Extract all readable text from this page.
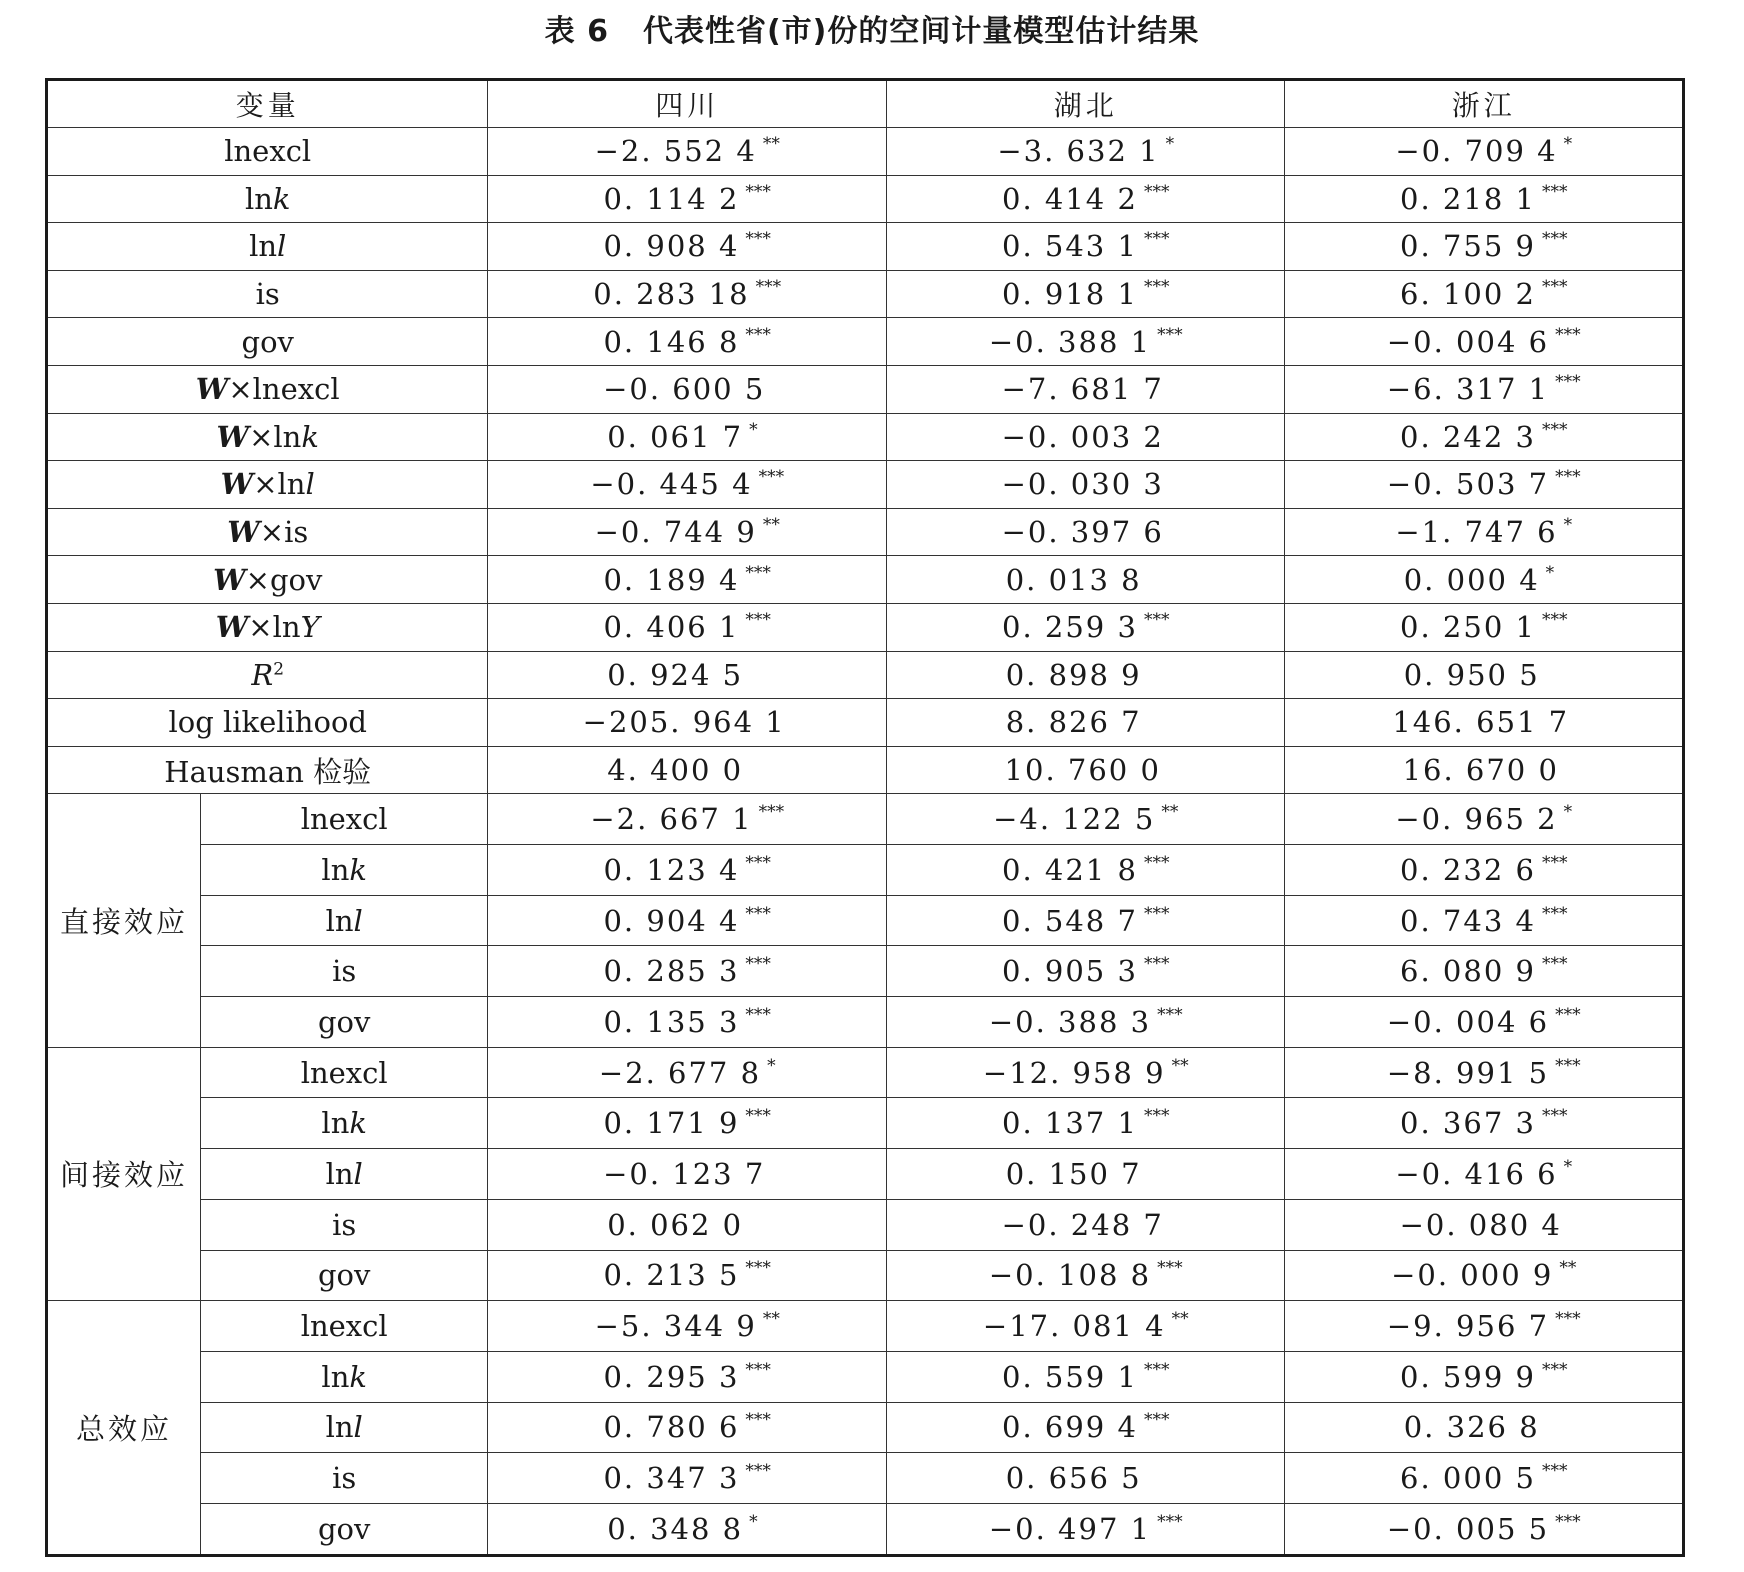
表 6 代表性省(市)份的空间计量模型估计结果
变量		四川	湖北	浙江
lnexcl		−2. 552 4 **	−3. 632 1 *	−0. 709 4 *
lnk		0. 114 2 ***	0. 414 2 ***	0. 218 1 ***
lnl		0. 908 4 ***	0. 543 1 ***	0. 755 9 ***
is		0. 283 18 ***	0. 918 1 ***	6. 100 2 ***
gov		0. 146 8 ***	−0. 388 1 ***	−0. 004 6 ***
W×lnexcl		−0. 600 5	−7. 681 7	−6. 317 1 ***
W×lnk		0. 061 7 *	−0. 003 2	0. 242 3 ***
W×lnl		−0. 445 4 ***	−0. 030 3	−0. 503 7 ***
W×is		−0. 744 9 **	−0. 397 6	−1. 747 6 *
W×gov		0. 189 4 ***	0. 013 8	0. 000 4 *
W×lnY		0. 406 1 ***	0. 259 3 ***	0. 250 1 ***
$R^2$		0. 924 5	0. 898 9	0. 950 5
log likelihood		−205. 964 1	8. 826 7	146. 651 7
Hausman 检验		4. 400 0	10. 760 0	16. 670 0
直接效应	lnexcl	−2. 667 1 ***	−4. 122 5 **	−0. 965 2 *
	lnk	0. 123 4 ***	0. 421 8 ***	0. 232 6 ***
	lnl	0. 904 4 ***	0. 548 7 ***	0. 743 4 ***
	is	0. 285 3 ***	0. 905 3 ***	6. 080 9 ***
	gov	0. 135 3 ***	−0. 388 3 ***	−0. 004 6 ***
间接效应	lnexcl	−2. 677 8 *	−12. 958 9 **	−8. 991 5 ***
	lnk	0. 171 9 ***	0. 137 1 ***	0. 367 3 ***
	lnl	−0. 123 7	0. 150 7	−0. 416 6 *
	is	0. 062 0	−0. 248 7	−0. 080 4
	gov	0. 213 5 ***	−0. 108 8 ***	−0. 000 9 **
总效应	lnexcl	−5. 344 9 **	−17. 081 4 **	−9. 956 7 ***
	lnk	0. 295 3 ***	0. 559 1 ***	0. 599 9 ***
	lnl	0. 780 6 ***	0. 699 4 ***	0. 326 8
	is	0. 347 3 ***	0. 656 5	6. 000 5 ***
	gov	0. 348 8 *	−0. 497 1 ***	−0. 005 5 ***
